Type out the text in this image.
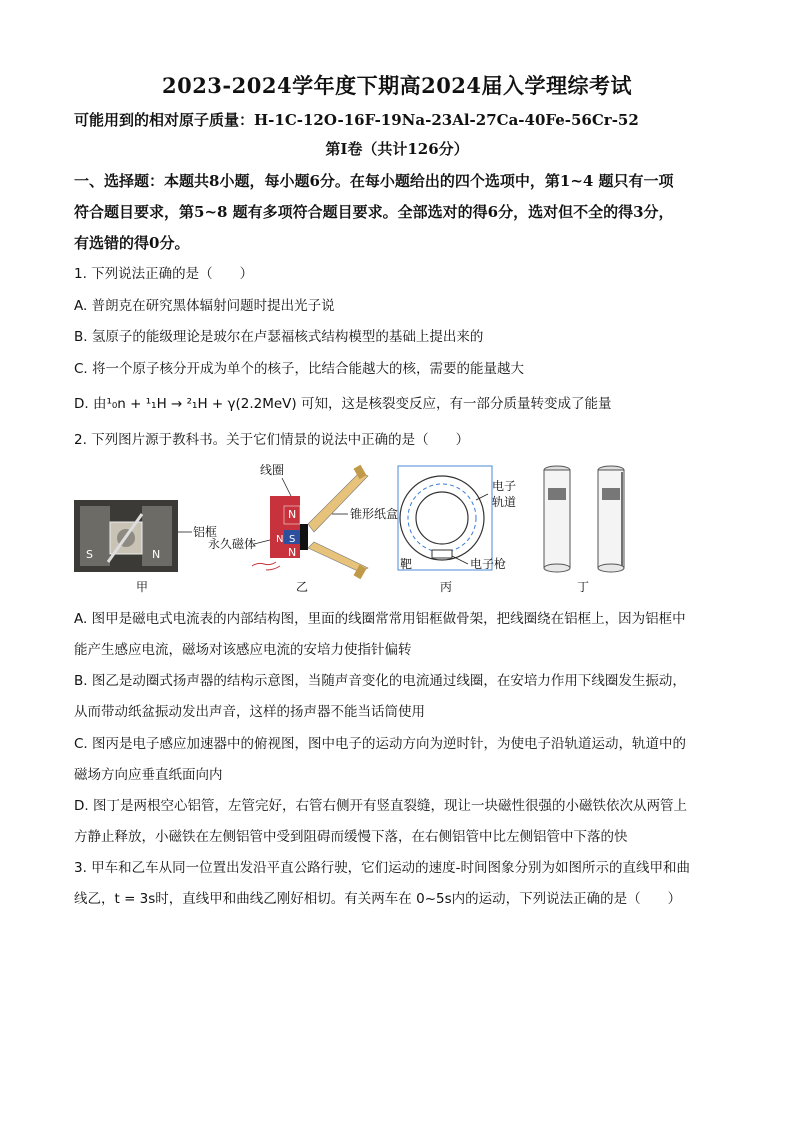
2023-2024学年度下期高2024届入学理综考试
可能用到的相对原子质量：H-1C-12O-16F-19Na-23Al-27Ca-40Fe-56Cr-52
第Ⅰ卷（共计126分）
一、选择题：本题共8小题，每小题6分。在每小题给出的四个选项中，第1~4 题只有一项
符合题目要求，第5~8 题有多项符合题目要求。全部选对的得6分，选对但不全的得3分，
有选错的得0分。
1. 下列说法正确的是（　　）
A. 普朗克在研究黑体辐射问题时提出光子说
B. 氢原子的能级理论是玻尔在卢瑟福核式结构模型的基础上提出来的
C. 将一个原子核分开成为单个的核子，比结合能越大的核，需要的能量越大
D. 由¹₀n + ¹₁H → ²₁H + γ(2.2MeV) 可知，这是核裂变反应，有一部分质量转变成了能量
2. 下列图片源于教科书。关于它们情景的说法中正确的是（　　）
S	N
铝框
甲
线圈
N
N S
N
锥形纸盒
永久磁体
乙
电子
轨道
靶	电子枪
丙	丁
A. 图甲是磁电式电流表的内部结构图，里面的线圈常常用铝框做骨架，把线圈绕在铝框上，因为铝框中
能产生感应电流，磁场对该感应电流的安培力使指针偏转
B. 图乙是动圈式扬声器的结构示意图，当随声音变化的电流通过线圈，在安培力作用下线圈发生振动，
从而带动纸盆振动发出声音，这样的扬声器不能当话筒使用
C. 图丙是电子感应加速器中的俯视图，图中电子的运动方向为逆时针，为使电子沿轨道运动，轨道中的
磁场方向应垂直纸面向内
D. 图丁是两根空心铝管，左管完好，右管右侧开有竖直裂缝，现让一块磁性很强的小磁铁依次从两管上
方静止释放，小磁铁在左侧铝管中受到阻碍而缓慢下落，在右侧铝管中比左侧铝管中下落的快
3. 甲车和乙车从同一位置出发沿平直公路行驶，它们运动的速度-时间图象分别为如图所示的直线甲和曲
线乙，t = 3s时，直线甲和曲线乙刚好相切。有关两车在 0~5s内的运动，下列说法正确的是（　　）
